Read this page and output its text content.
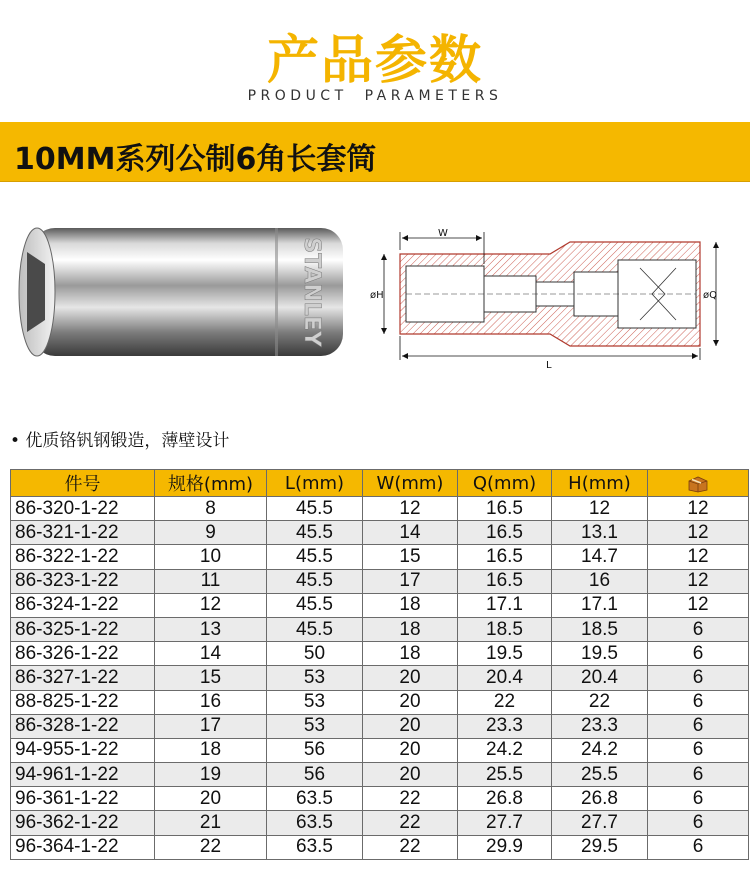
产品参数
PRODUCT PARAMETERS
10MM系列公制6角长套筒
STANLEY
W
L
øH	øQ
• 优质铬钒钢锻造，薄壁设计
件号	规格(mm)	L(mm)	W(mm)	Q(mm)	H(mm)	
86-320-1-22	8	45.5	12	16.5	12	12
86-321-1-22	9	45.5	14	16.5	13.1	12
86-322-1-22	10	45.5	15	16.5	14.7	12
86-323-1-22	11	45.5	17	16.5	16	12
86-324-1-22	12	45.5	18	17.1	17.1	12
86-325-1-22	13	45.5	18	18.5	18.5	6
86-326-1-22	14	50	18	19.5	19.5	6
86-327-1-22	15	53	20	20.4	20.4	6
88-825-1-22	16	53	20	22	22	6
86-328-1-22	17	53	20	23.3	23.3	6
94-955-1-22	18	56	20	24.2	24.2	6
94-961-1-22	19	56	20	25.5	25.5	6
96-361-1-22	20	63.5	22	26.8	26.8	6
96-362-1-22	21	63.5	22	27.7	27.7	6
96-364-1-22	22	63.5	22	29.9	29.5	6
